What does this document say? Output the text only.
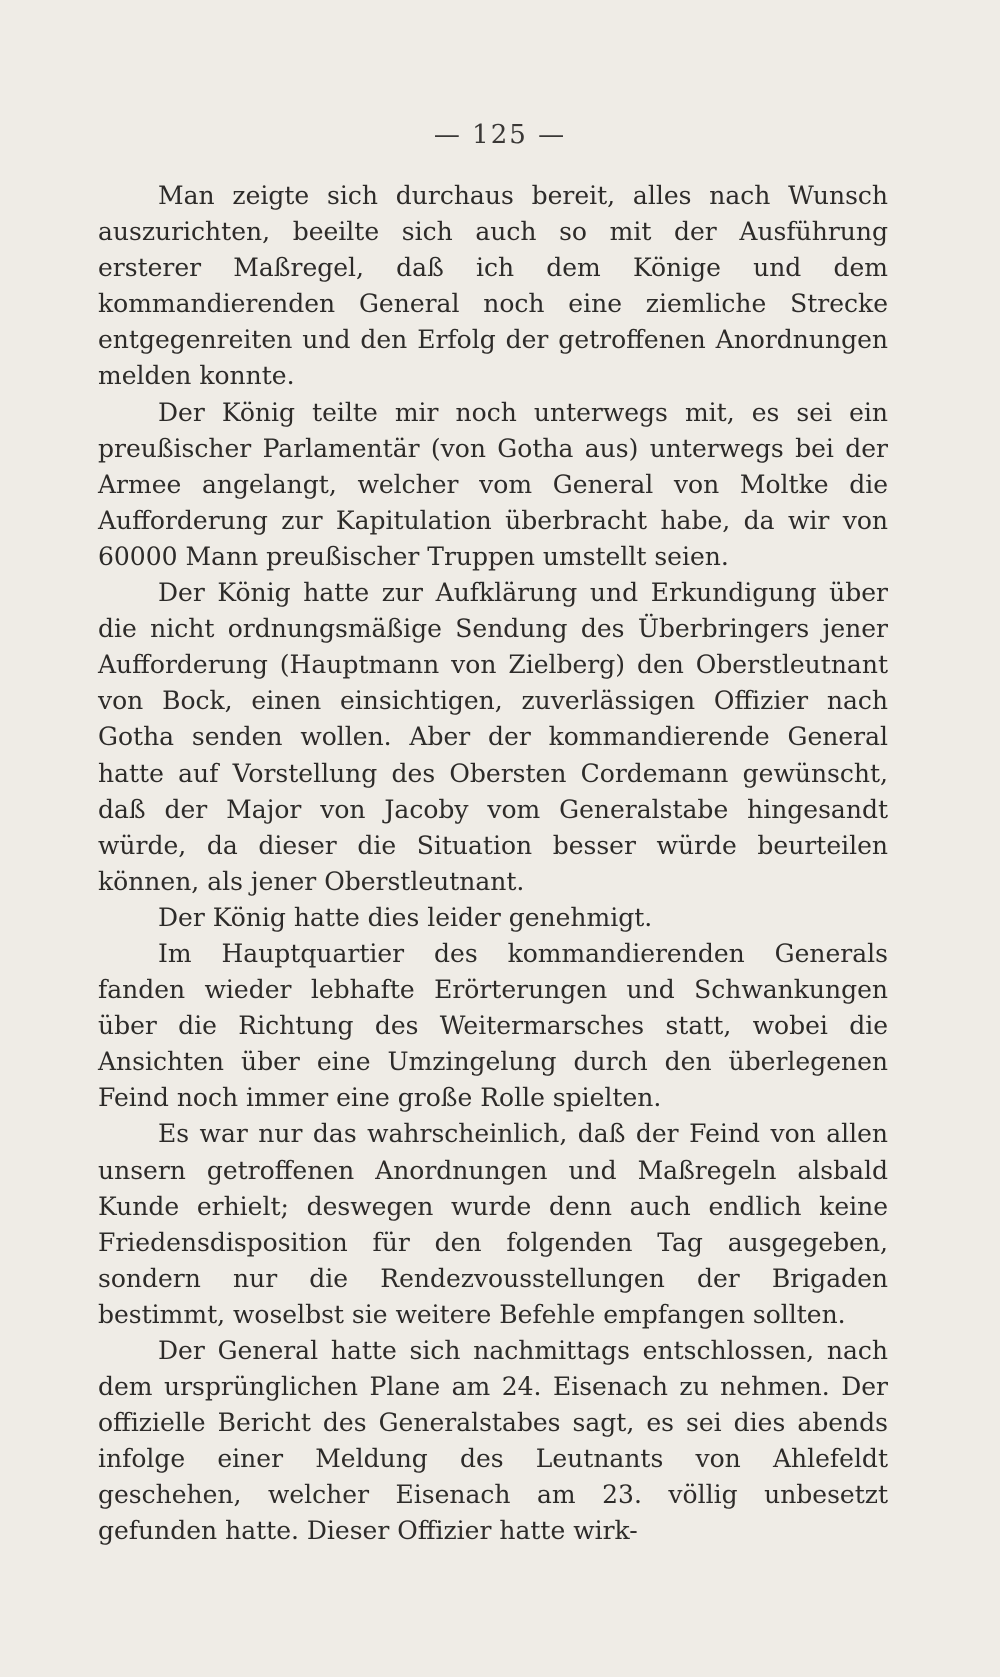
— 125 —

Man zeigte sich durchaus bereit, alles nach Wunsch auszurichten, beeilte sich auch so mit der Ausführung ersterer Maßregel, daß ich dem Könige und dem kommandierenden General noch eine ziemliche Strecke entgegenreiten und den Erfolg der getroffenen Anordnungen melden konnte.

Der König teilte mir noch unterwegs mit, es sei ein preußischer Parlamentär (von Gotha aus) unterwegs bei der Armee angelangt, welcher vom General von Moltke die Aufforderung zur Kapitulation überbracht habe, da wir von 60000 Mann preußischer Truppen umstellt seien.

Der König hatte zur Aufklärung und Erkundigung über die nicht ordnungsmäßige Sendung des Überbringers jener Aufforderung (Hauptmann von Zielberg) den Oberstleutnant von Bock, einen einsichtigen, zuverlässigen Offizier nach Gotha senden wollen. Aber der kommandierende General hatte auf Vorstellung des Obersten Cordemann gewünscht, daß der Major von Jacoby vom Generalstabe hingesandt würde, da dieser die Situation besser würde beurteilen können, als jener Oberstleutnant.

Der König hatte dies leider genehmigt.

Im Hauptquartier des kommandierenden Generals fanden wieder lebhafte Erörterungen und Schwankungen über die Richtung des Weitermarsches statt, wobei die Ansichten über eine Umzingelung durch den überlegenen Feind noch immer eine große Rolle spielten.

Es war nur das wahrscheinlich, daß der Feind von allen unsern getroffenen Anordnungen und Maßregeln alsbald Kunde erhielt; deswegen wurde denn auch endlich keine Friedensdisposition für den folgenden Tag ausgegeben, sondern nur die Rendezvousstellungen der Brigaden bestimmt, woselbst sie weitere Befehle empfangen sollten.

Der General hatte sich nachmittags entschlossen, nach dem ursprünglichen Plane am 24. Eisenach zu nehmen. Der offizielle Bericht des Generalstabes sagt, es sei dies abends infolge einer Meldung des Leutnants von Ahlefeldt geschehen, welcher Eisenach am 23. völlig unbesetzt gefunden hatte. Dieser Offizier hatte wirk-
